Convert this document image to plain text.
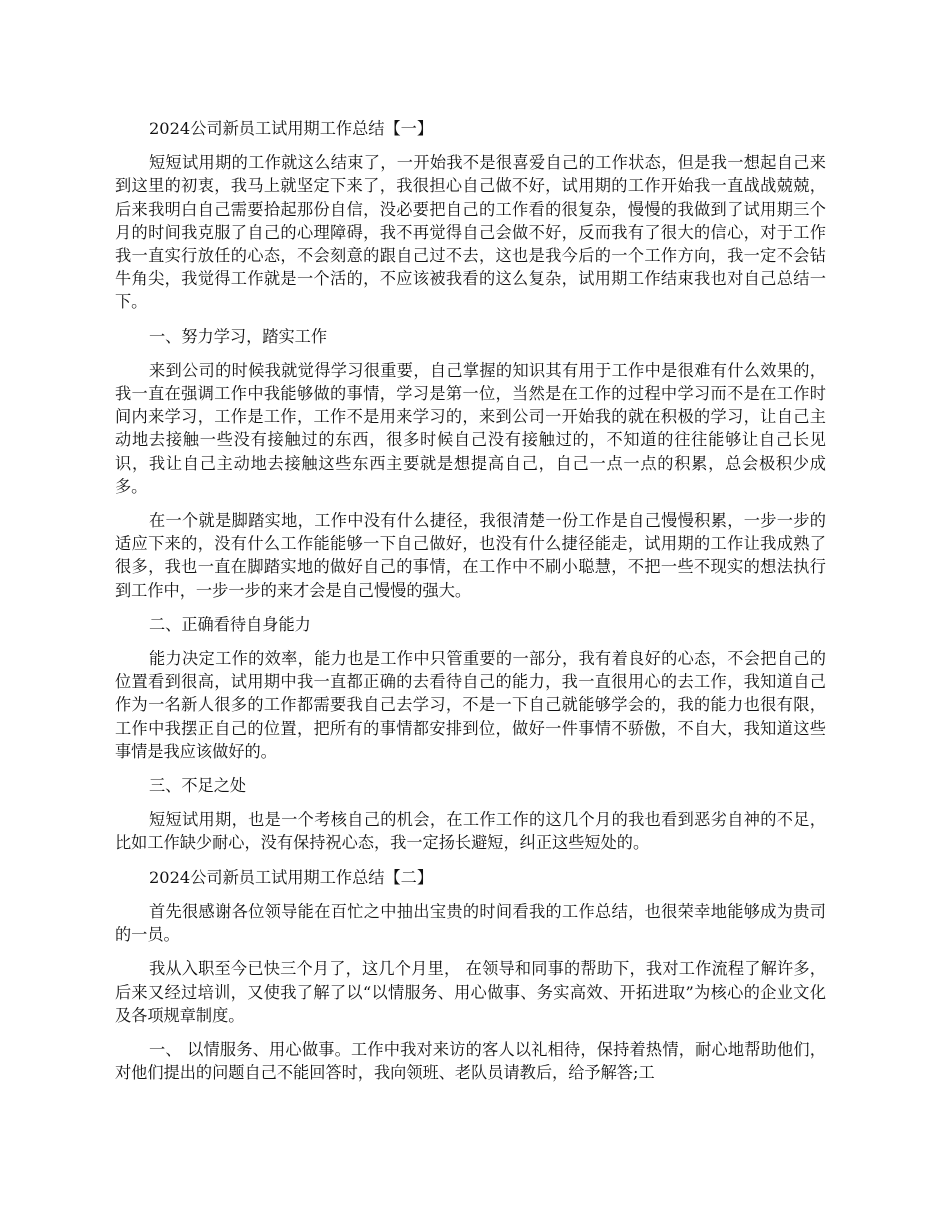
2024公司新员工试用期工作总结【一】

短短试用期的工作就这么结束了，一开始我不是很喜爱自己的工作状态，但是我一想起自己来到这里的初衷，我马上就坚定下来了，我很担心自己做不好，试用期的工作开始我一直战战兢兢，后来我明白自己需要拾起那份自信，没必要把自己的工作看的很复杂，慢慢的我做到了试用期三个月的时间我克服了自己的心理障碍，我不再觉得自己会做不好，反而我有了很大的信心，对于工作我一直实行放任的心态，不会刻意的跟自己过不去，这也是我今后的一个工作方向，我一定不会钻牛角尖，我觉得工作就是一个活的，不应该被我看的这么复杂，试用期工作结束我也对自己总结一下。

一、努力学习，踏实工作

来到公司的时候我就觉得学习很重要，自己掌握的知识其有用于工作中是很难有什么效果的，我一直在强调工作中我能够做的事情，学习是第一位，当然是在工作的过程中学习而不是在工作时间内来学习，工作是工作，工作不是用来学习的，来到公司一开始我的就在积极的学习，让自己主动地去接触一些没有接触过的东西，很多时候自己没有接触过的，不知道的往往能够让自己长见识，我让自己主动地去接触这些东西主要就是想提高自己，自己一点一点的积累，总会极积少成多。

在一个就是脚踏实地，工作中没有什么捷径，我很清楚一份工作是自己慢慢积累，一步一步的适应下来的，没有什么工作能能够一下自己做好，也没有什么捷径能走，试用期的工作让我成熟了很多，我也一直在脚踏实地的做好自己的事情，在工作中不刷小聪慧，不把一些不现实的想法执行到工作中，一步一步的来才会是自己慢慢的强大。

二、正确看待自身能力

能力决定工作的效率，能力也是工作中只管重要的一部分，我有着良好的心态，不会把自己的位置看到很高，试用期中我一直都正确的去看待自己的能力，我一直很用心的去工作，我知道自己作为一名新人很多的工作都需要我自己去学习，不是一下自己就能够学会的，我的能力也很有限，工作中我摆正自己的位置，把所有的事情都安排到位，做好一件事情不骄傲，不自大，我知道这些事情是我应该做好的。

三、不足之处

短短试用期，也是一个考核自己的机会，在工作工作的这几个月的我也看到恶劣自神的不足，比如工作缺少耐心，没有保持祝心态，我一定扬长避短，纠正这些短处的。

2024公司新员工试用期工作总结【二】

首先很感谢各位领导能在百忙之中抽出宝贵的时间看我的工作总结，也很荣幸地能够成为贵司的一员。

我从入职至今已快三个月了，这几个月里， 在领导和同事的帮助下，我对工作流程了解许多，后来又经过培训，又使我了解了以“以情服务、用心做事、务实高效、开拓进取”为核心的企业文化及各项规章制度。

一、 以情服务、用心做事。工作中我对来访的客人以礼相待，保持着热情，耐心地帮助他们，对他们提出的问题自己不能回答时，我向领班、老队员请教后，给予解答;工
